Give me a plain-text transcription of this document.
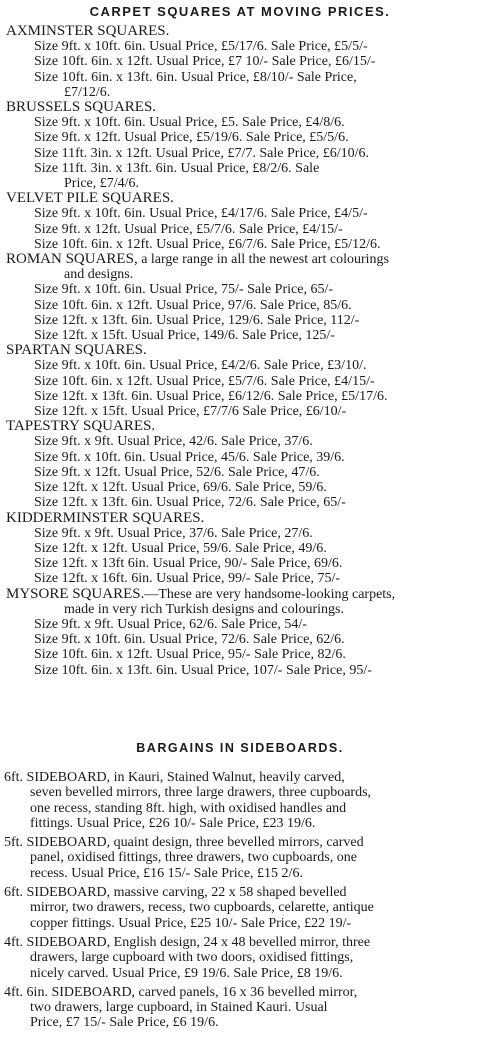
CARPET SQUARES AT MOVING PRICES.

AXMINSTER SQUARES.

Size 9ft. x 10ft. 6in. Usual Price, £5/17/6. Sale Price, £5/5/-

Size 10ft. 6in. x 12ft. Usual Price, £7 10/- Sale Price, £6/15/-

Size 10ft. 6in. x 13ft. 6in. Usual Price, £8/10/- Sale Price,

£7/12/6.

BRUSSELS SQUARES.

Size 9ft. x 10ft. 6in. Usual Price, £5. Sale Price, £4/8/6.

Size 9ft. x 12ft. Usual Price, £5/19/6. Sale Price, £5/5/6.

Size 11ft. 3in. x 12ft. Usual Price, £7/7. Sale Price, £6/10/6.

Size 11ft. 3in. x 13ft. 6in. Usual Price, £8/2/6. Sale

Price, £7/4/6.

VELVET PILE SQUARES.

Size 9ft. x 10ft. 6in. Usual Price, £4/17/6. Sale Price, £4/5/-

Size 9ft. x 12ft. Usual Price, £5/7/6. Sale Price, £4/15/-

Size 10ft. 6in. x 12ft. Usual Price, £6/7/6. Sale Price, £5/12/6.

ROMAN SQUARES, a large range in all the newest art colourings

and designs.

Size 9ft. x 10ft. 6in. Usual Price, 75/- Sale Price, 65/-

Size 10ft. 6in. x 12ft. Usual Price, 97/6. Sale Price, 85/6.

Size 12ft. x 13ft. 6in. Usual Price, 129/6. Sale Price, 112/-

Size 12ft. x 15ft. Usual Price, 149/6. Sale Price, 125/-

SPARTAN SQUARES.

Size 9ft. x 10ft. 6in. Usual Price, £4/2/6. Sale Price, £3/10/.

Size 10ft. 6in. x 12ft. Usual Price, £5/7/6. Sale Price, £4/15/-

Size 12ft. x 13ft. 6in. Usual Price, £6/12/6. Sale Price, £5/17/6.

Size 12ft. x 15ft. Usual Price, £7/7/6 Sale Price, £6/10/-

TAPESTRY SQUARES.

Size 9ft. x 9ft. Usual Price, 42/6. Sale Price, 37/6.

Size 9ft. x 10ft. 6in. Usual Price, 45/6. Sale Price, 39/6.

Size 9ft. x 12ft. Usual Price, 52/6. Sale Price, 47/6.

Size 12ft. x 12ft. Usual Price, 69/6. Sale Price, 59/6.

Size 12ft. x 13ft. 6in. Usual Price, 72/6. Sale Price, 65/-

KIDDERMINSTER SQUARES.

Size 9ft. x 9ft. Usual Price, 37/6. Sale Price, 27/6.

Size 12ft. x 12ft. Usual Price, 59/6. Sale Price, 49/6.

Size 12ft. x 13ft 6in. Usual Price, 90/- Sale Price, 69/6.

Size 12ft. x 16ft. 6in. Usual Price, 99/- Sale Price, 75/-

MYSORE SQUARES.—These are very handsome-looking carpets,

made in very rich Turkish designs and colourings.

Size 9ft. x 9ft. Usual Price, 62/6. Sale Price, 54/-

Size 9ft. x 10ft. 6in. Usual Price, 72/6. Sale Price, 62/6.

Size 10ft. 6in. x 12ft. Usual Price, 95/- Sale Price, 82/6.

Size 10ft. 6in. x 13ft. 6in. Usual Price, 107/- Sale Price, 95/-

BARGAINS IN SIDEBOARDS.

6ft. SIDEBOARD, in Kauri, Stained Walnut, heavily carved,

seven bevelled mirrors, three large drawers, three cupboards,

one recess, standing 8ft. high, with oxidised handles and

fittings. Usual Price, £26 10/- Sale Price, £23 19/6.

5ft. SIDEBOARD, quaint design, three bevelled mirrors, carved

panel, oxidised fittings, three drawers, two cupboards, one

recess. Usual Price, £16 15/- Sale Price, £15 2/6.

6ft. SIDEBOARD, massive carving, 22 x 58 shaped bevelled

mirror, two drawers, recess, two cupboards, celarette, antique

copper fittings. Usual Price, £25 10/- Sale Price, £22 19/-

4ft. SIDEBOARD, English design, 24 x 48 bevelled mirror, three

drawers, large cupboard with two doors, oxidised fittings,

nicely carved. Usual Price, £9 19/6. Sale Price, £8 19/6.

4ft. 6in. SIDEBOARD, carved panels, 16 x 36 bevelled mirror,

two drawers, large cupboard, in Stained Kauri. Usual

Price, £7 15/- Sale Price, £6 19/6.
